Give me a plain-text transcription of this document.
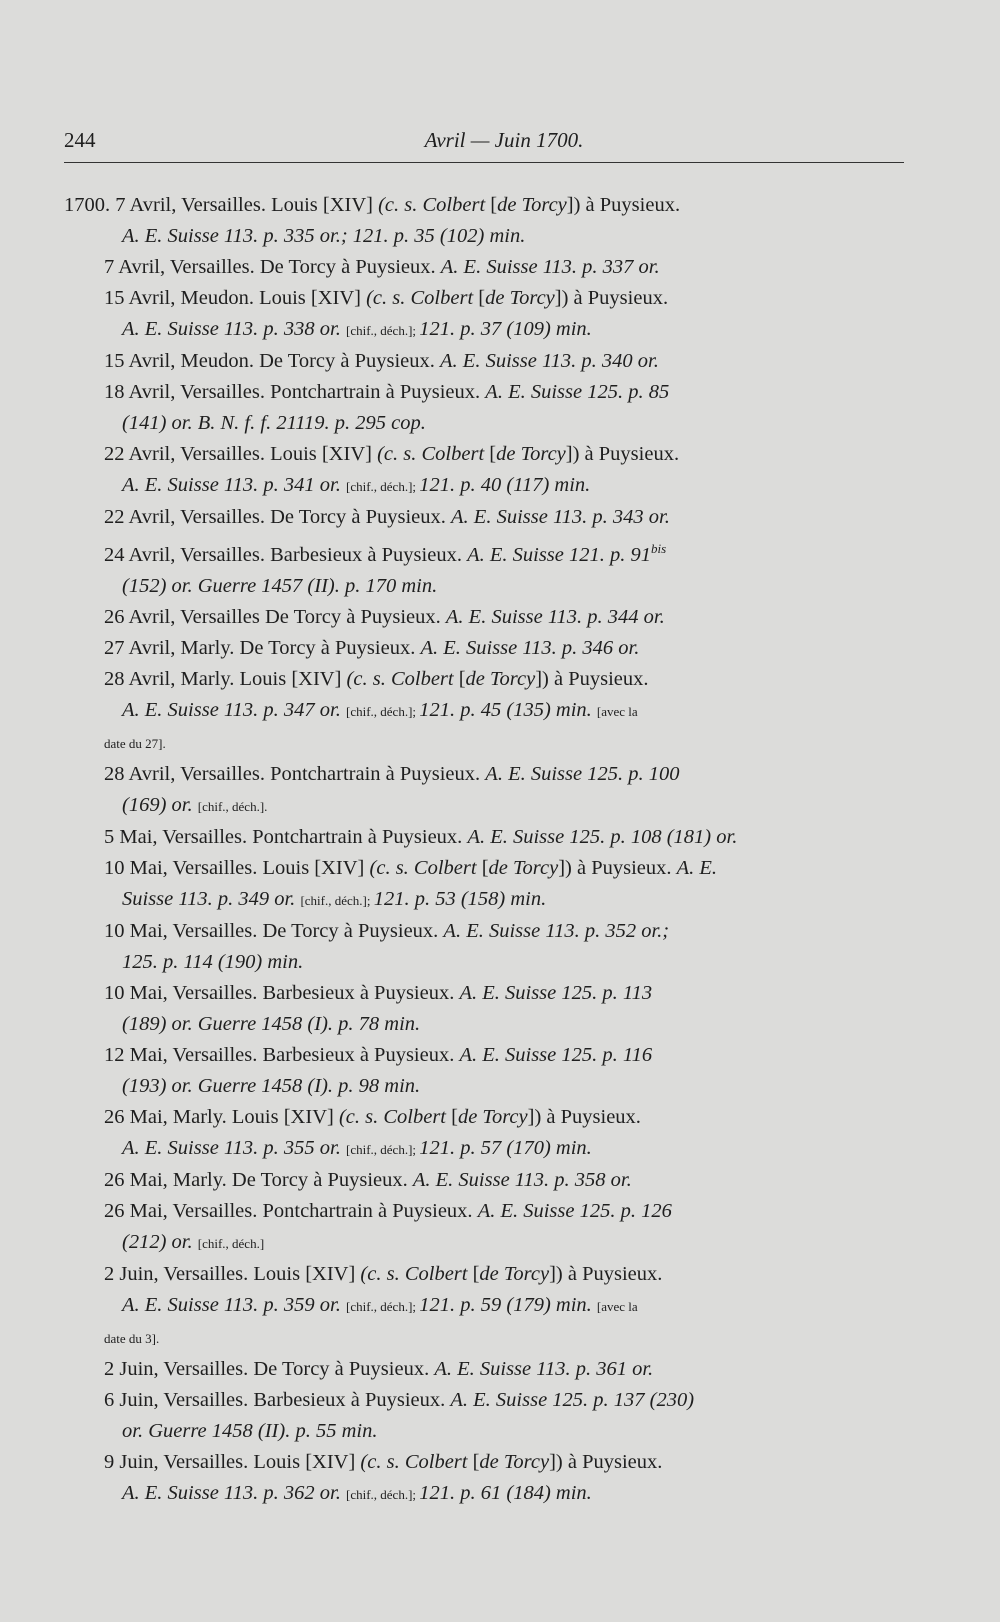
244	Avril — Juin 1700.
1700. 7 Avril, Versailles. Louis [XIV] (c. s. Colbert [de Torcy]) à Puysieux.
A. E. Suisse 113. p. 335 or.; 121. p. 35 (102) min.
7 Avril, Versailles. De Torcy à Puysieux. A. E. Suisse 113. p. 337 or.
15 Avril, Meudon. Louis [XIV] (c. s. Colbert [de Torcy]) à Puysieux.
A. E. Suisse 113. p. 338 or. [chif., déch.]; 121. p. 37 (109) min.
15 Avril, Meudon. De Torcy à Puysieux. A. E. Suisse 113. p. 340 or.
18 Avril, Versailles. Pontchartrain à Puysieux. A. E. Suisse 125. p. 85
(141) or. B. N. f. f. 21119. p. 295 cop.
22 Avril, Versailles. Louis [XIV] (c. s. Colbert [de Torcy]) à Puysieux.
A. E. Suisse 113. p. 341 or. [chif., déch.]; 121. p. 40 (117) min.
22 Avril, Versailles. De Torcy à Puysieux. A. E. Suisse 113. p. 343 or.
24 Avril, Versailles. Barbesieux à Puysieux. A. E. Suisse 121. p. $91^{bis}$
(152) or. Guerre 1457 (II). p. 170 min.
26 Avril, Versailles De Torcy à Puysieux. A. E. Suisse 113. p. 344 or.
27 Avril, Marly. De Torcy à Puysieux. A. E. Suisse 113. p. 346 or.
28 Avril, Marly. Louis [XIV] (c. s. Colbert [de Torcy]) à Puysieux.
A. E. Suisse 113. p. 347 or. [chif., déch.]; 121. p. 45 (135) min. [avec la
date du 27].
28 Avril, Versailles. Pontchartrain à Puysieux. A. E. Suisse 125. p. 100
(169) or. [chif., déch.].
5 Mai, Versailles. Pontchartrain à Puysieux. A. E. Suisse 125. p. 108 (181) or.
10 Mai, Versailles. Louis [XIV] (c. s. Colbert [de Torcy]) à Puysieux. A. E.
Suisse 113. p. 349 or. [chif., déch.]; 121. p. 53 (158) min.
10 Mai, Versailles. De Torcy à Puysieux. A. E. Suisse 113. p. 352 or.;
125. p. 114 (190) min.
10 Mai, Versailles. Barbesieux à Puysieux. A. E. Suisse 125. p. 113
(189) or. Guerre 1458 (I). p. 78 min.
12 Mai, Versailles. Barbesieux à Puysieux. A. E. Suisse 125. p. 116
(193) or. Guerre 1458 (I). p. 98 min.
26 Mai, Marly. Louis [XIV] (c. s. Colbert [de Torcy]) à Puysieux.
A. E. Suisse 113. p. 355 or. [chif., déch.]; 121. p. 57 (170) min.
26 Mai, Marly. De Torcy à Puysieux. A. E. Suisse 113. p. 358 or.
26 Mai, Versailles. Pontchartrain à Puysieux. A. E. Suisse 125. p. 126
(212) or. [chif., déch.]
2 Juin, Versailles. Louis [XIV] (c. s. Colbert [de Torcy]) à Puysieux.
A. E. Suisse 113. p. 359 or. [chif., déch.]; 121. p. 59 (179) min. [avec la
date du 3].
2 Juin, Versailles. De Torcy à Puysieux. A. E. Suisse 113. p. 361 or.
6 Juin, Versailles. Barbesieux à Puysieux. A. E. Suisse 125. p. 137 (230)
or. Guerre 1458 (II). p. 55 min.
9 Juin, Versailles. Louis [XIV] (c. s. Colbert [de Torcy]) à Puysieux.
A. E. Suisse 113. p. 362 or. [chif., déch.]; 121. p. 61 (184) min.
